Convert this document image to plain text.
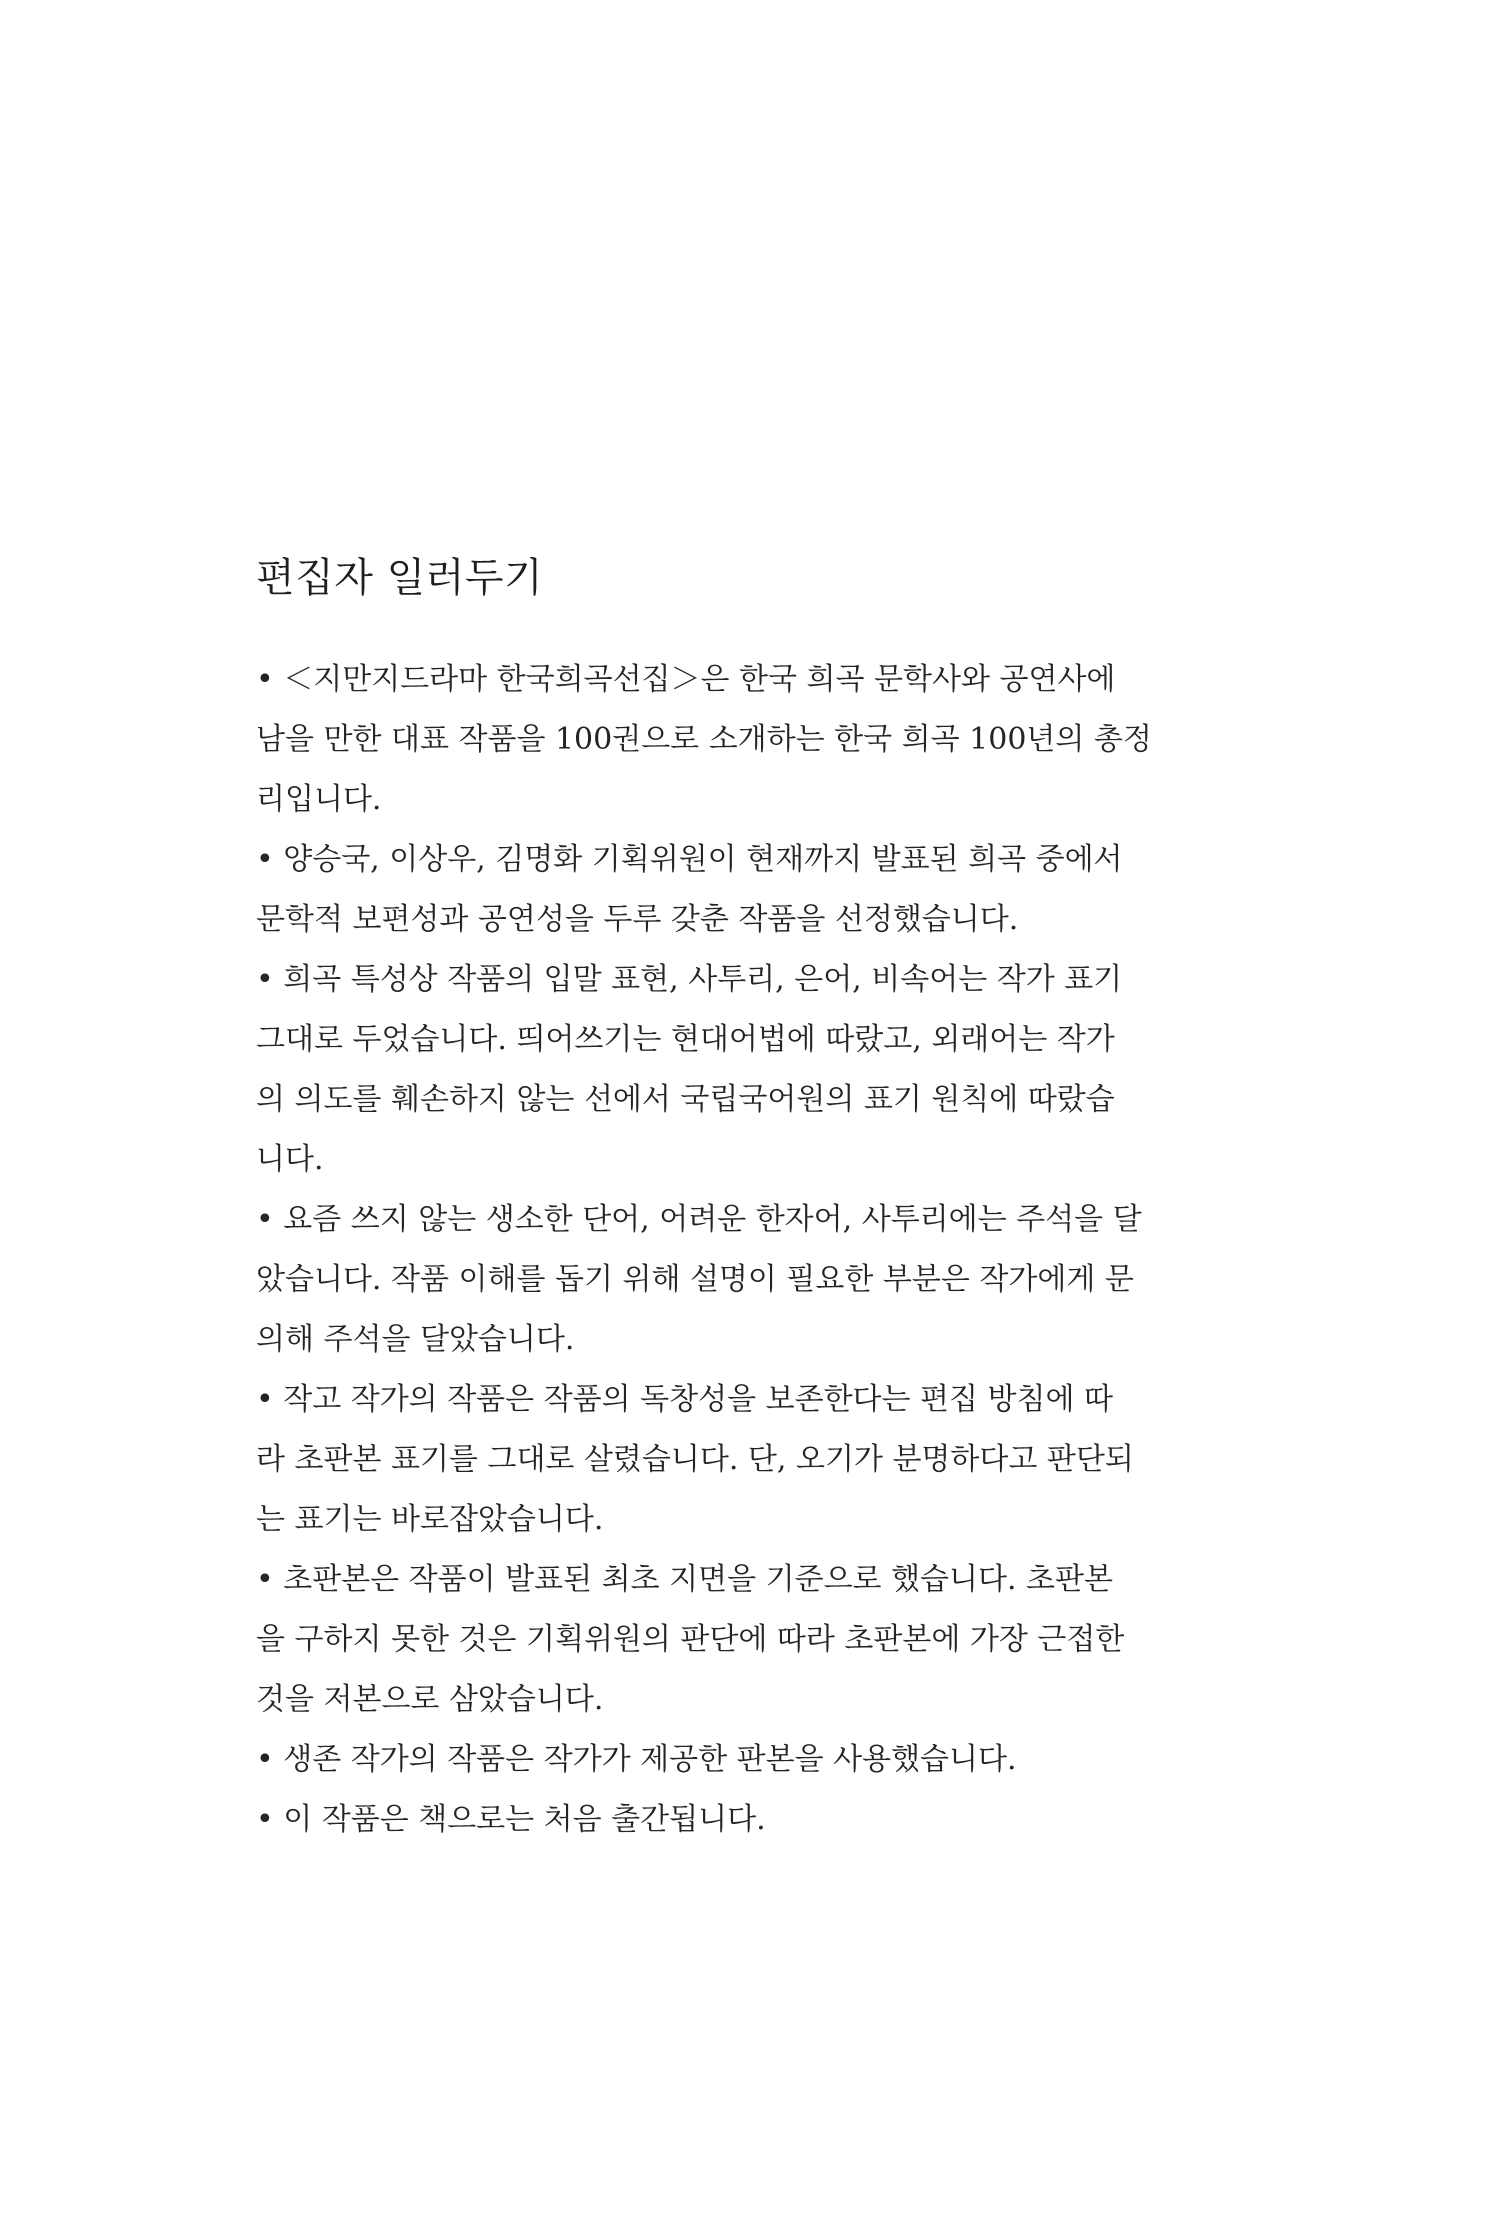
편집자 일러두기
• ＜지만지드라마 한국희곡선집＞은 한국 희곡 문학사와 공연사에
남을 만한 대표 작품을 100권으로 소개하는 한국 희곡 100년의 총정
리입니다.
• 양승국, 이상우, 김명화 기획위원이 현재까지 발표된 희곡 중에서
문학적 보편성과 공연성을 두루 갖춘 작품을 선정했습니다.
• 희곡 특성상 작품의 입말 표현, 사투리, 은어, 비속어는 작가 표기
그대로 두었습니다. 띄어쓰기는 현대어법에 따랐고, 외래어는 작가
의 의도를 훼손하지 않는 선에서 국립국어원의 표기 원칙에 따랐습
니다.
• 요즘 쓰지 않는 생소한 단어, 어려운 한자어, 사투리에는 주석을 달
았습니다. 작품 이해를 돕기 위해 설명이 필요한 부분은 작가에게 문
의해 주석을 달았습니다.
• 작고 작가의 작품은 작품의 독창성을 보존한다는 편집 방침에 따
라 초판본 표기를 그대로 살렸습니다. 단, 오기가 분명하다고 판단되
는 표기는 바로잡았습니다.
• 초판본은 작품이 발표된 최초 지면을 기준으로 했습니다. 초판본
을 구하지 못한 것은 기획위원의 판단에 따라 초판본에 가장 근접한
것을 저본으로 삼았습니다.
• 생존 작가의 작품은 작가가 제공한 판본을 사용했습니다.
• 이 작품은 책으로는 처음 출간됩니다.
